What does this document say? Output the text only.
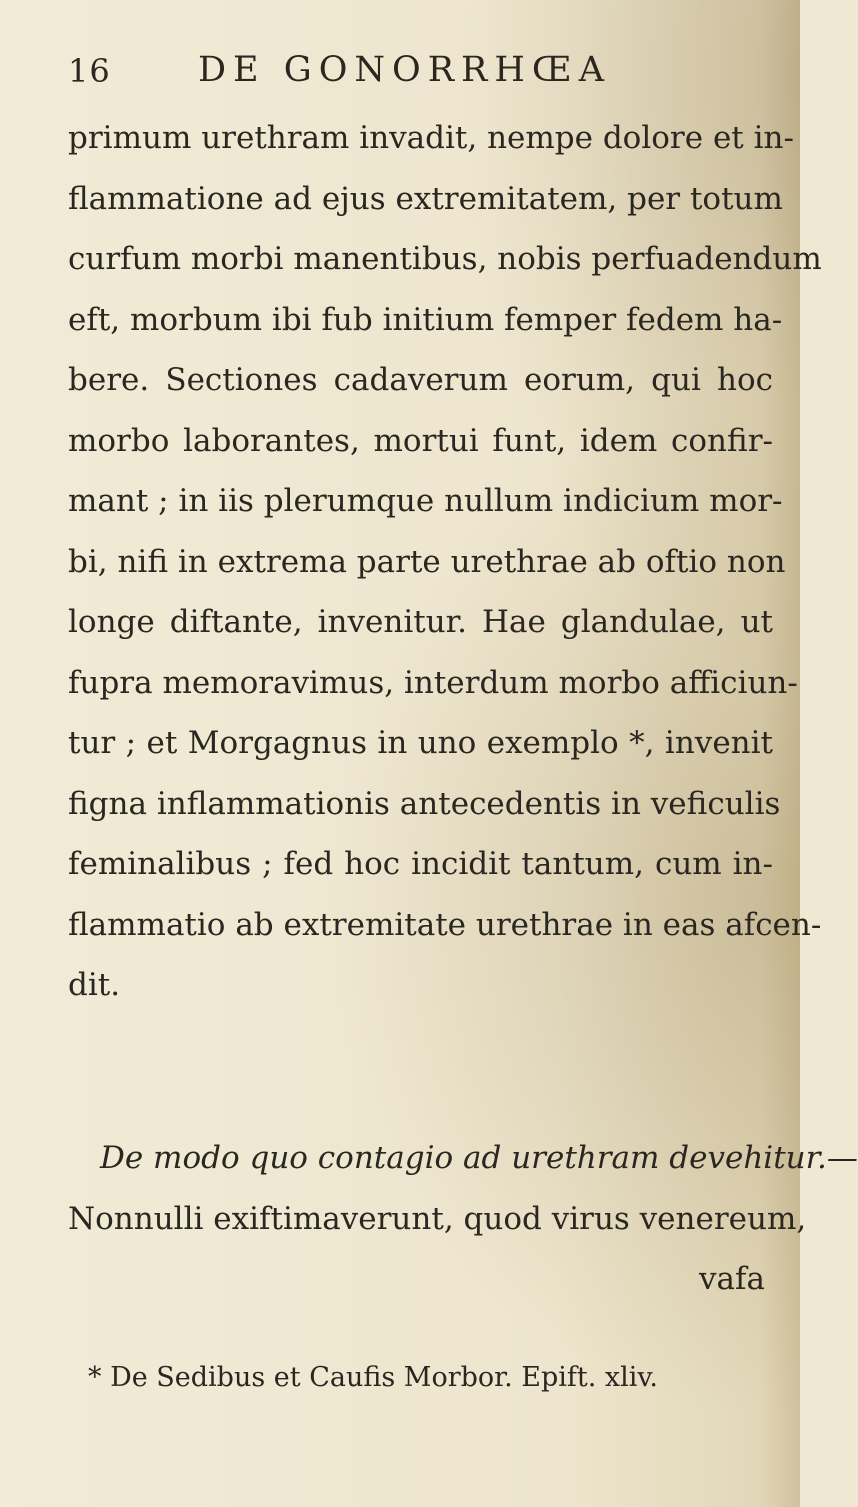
16 DE GONORRHŒA
primum urethram invadit, nempe dolore et in-
flammatione ad ejus extremitatem, per totum
curfum morbi manentibus, nobis perfuadendum
eft, morbum ibi fub initium femper fedem ha-
bere. Sectiones cadaverum eorum, qui hoc
morbo laborantes, mortui funt, idem confir-
mant ; in iis plerumque nullum indicium mor-
bi, nifi in extrema parte urethrae ab oftio non
longe diftante, invenitur. Hae glandulae, ut
fupra memoravimus, interdum morbo afficiun-
tur ; et Morgagnus in uno exemplo *, invenit
figna inflammationis antecedentis in veficulis
feminalibus ; fed hoc incidit tantum, cum in-
flammatio ab extremitate urethrae in eas afcen-
dit.
De modo quo contagio ad urethram devehitur.—
Nonnulli exiftimaverunt, quod virus venereum,
vafa
* De Sedibus et Caufis Morbor. Epift. xliv.
